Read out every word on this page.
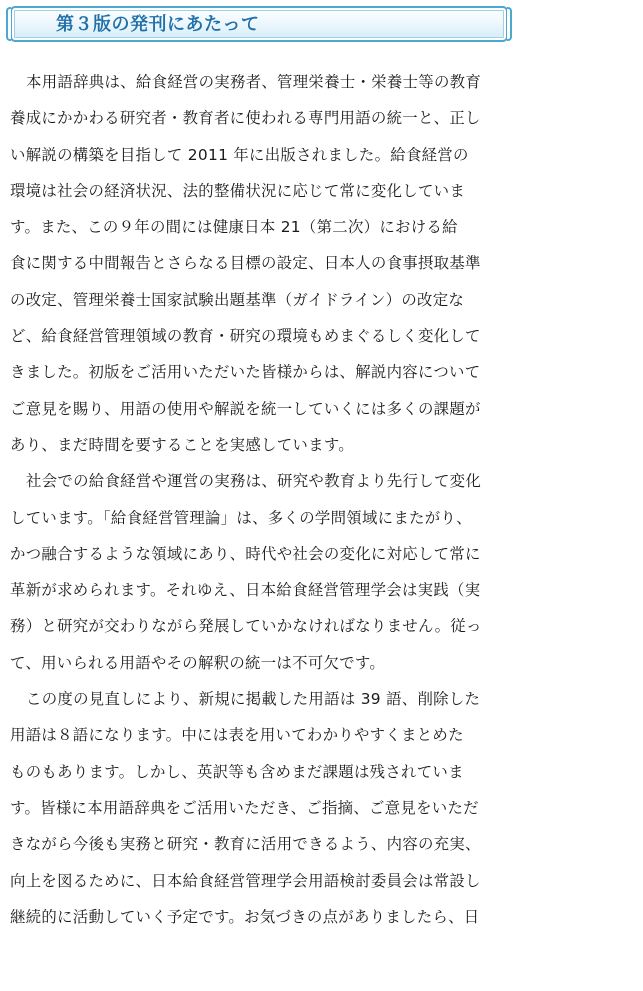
第３版の発刊にあたって
本用語辞典は、給食経営の実務者、管理栄養士・栄養士等の教育
養成にかかわる研究者・教育者に使われる専門用語の統一と、正し
い解説の構築を目指して 2011 年に出版されました。給食経営の
環境は社会の経済状況、法的整備状況に応じて常に変化していま
す。また、この９年の間には健康日本 21（第二次）における給
食に関する中間報告とさらなる目標の設定、日本人の食事摂取基準
の改定、管理栄養士国家試験出題基準（ガイドライン）の改定な
ど、給食経営管理領域の教育・研究の環境もめまぐるしく変化して
きました。初版をご活用いただいた皆様からは、解説内容について
ご意見を賜り、用語の使用や解説を統一していくには多くの課題が
あり、まだ時間を要することを実感しています。
社会での給食経営や運営の実務は、研究や教育より先行して変化
しています。「給食経営管理論」は、多くの学問領域にまたがり、
かつ融合するような領域にあり、時代や社会の変化に対応して常に
革新が求められます。それゆえ、日本給食経営管理学会は実践（実
務）と研究が交わりながら発展していかなければなりません。従っ
て、用いられる用語やその解釈の統一は不可欠です。
この度の見直しにより、新規に掲載した用語は 39 語、削除した
用語は８語になります。中には表を用いてわかりやすくまとめた
ものもあります。しかし、英訳等も含めまだ課題は残されていま
す。皆様に本用語辞典をご活用いただき、ご指摘、ご意見をいただ
きながら今後も実務と研究・教育に活用できるよう、内容の充実、
向上を図るために、日本給食経営管理学会用語検討委員会は常設し
継続的に活動していく予定です。お気づきの点がありましたら、日
